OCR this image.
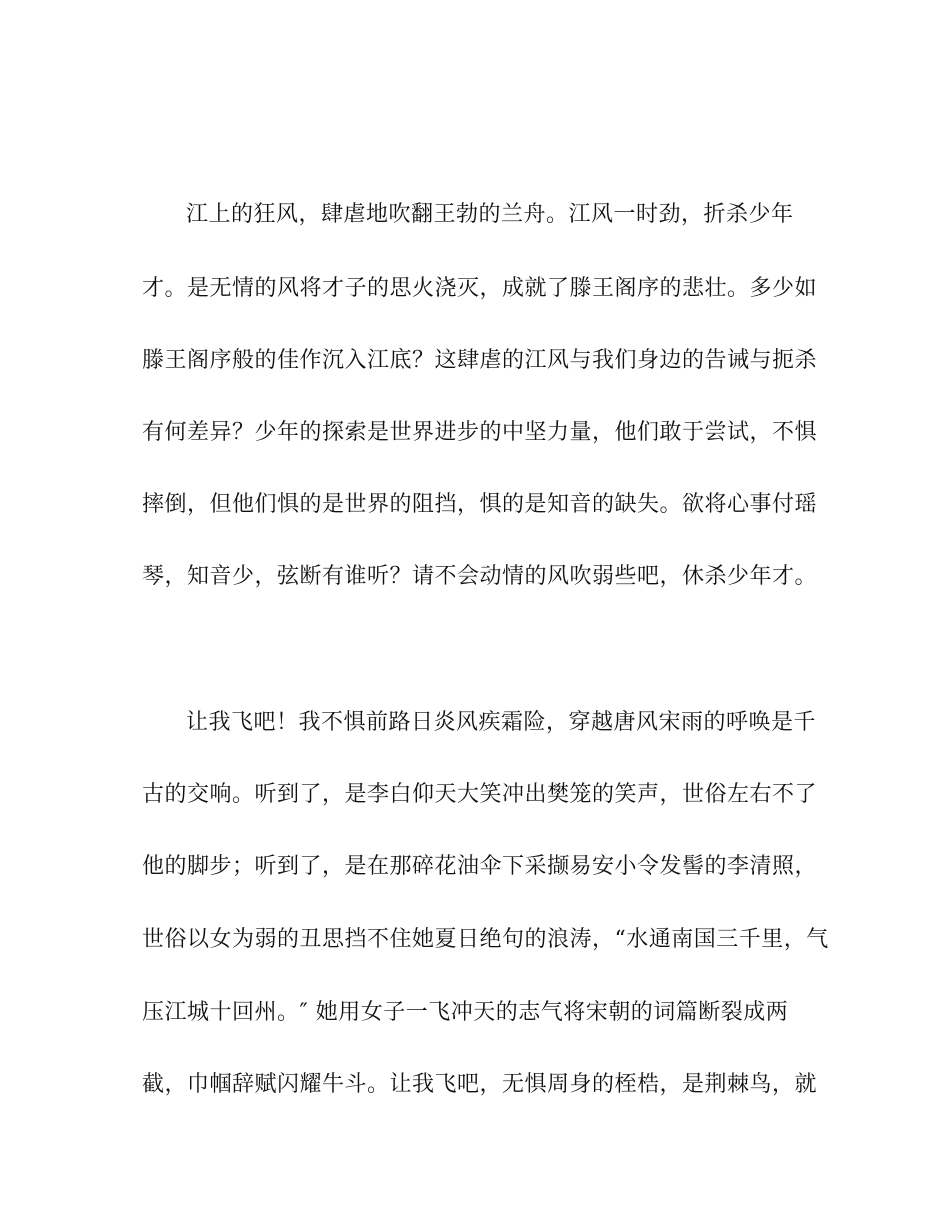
江上的狂风，肆虐地吹翻王勃的兰舟。江风一时劲，折杀少年
才。是无情的风将才子的思火浇灭，成就了滕王阁序的悲壮。多少如
滕王阁序般的佳作沉入江底？这肆虐的江风与我们身边的告诫与扼杀
有何差异？少年的探索是世界进步的中坚力量，他们敢于尝试，不惧
摔倒，但他们惧的是世界的阻挡，惧的是知音的缺失。欲将心事付瑶
琴，知音少，弦断有谁听？请不会动情的风吹弱些吧，休杀少年才。
让我飞吧！我不惧前路日炎风疾霜险，穿越唐风宋雨的呼唤是千
古的交响。听到了，是李白仰天大笑冲出樊笼的笑声，世俗左右不了
他的脚步；听到了，是在那碎花油伞下采撷易安小令发髻的李清照，
世俗以女为弱的丑思挡不住她夏日绝句的浪涛，“水通南国三千里，气
压江城十回州。″ 她用女子一飞冲天的志气将宋朝的词篇断裂成两
截，巾帼辞赋闪耀牛斗。让我飞吧，无惧周身的桎梏，是荆棘鸟，就
